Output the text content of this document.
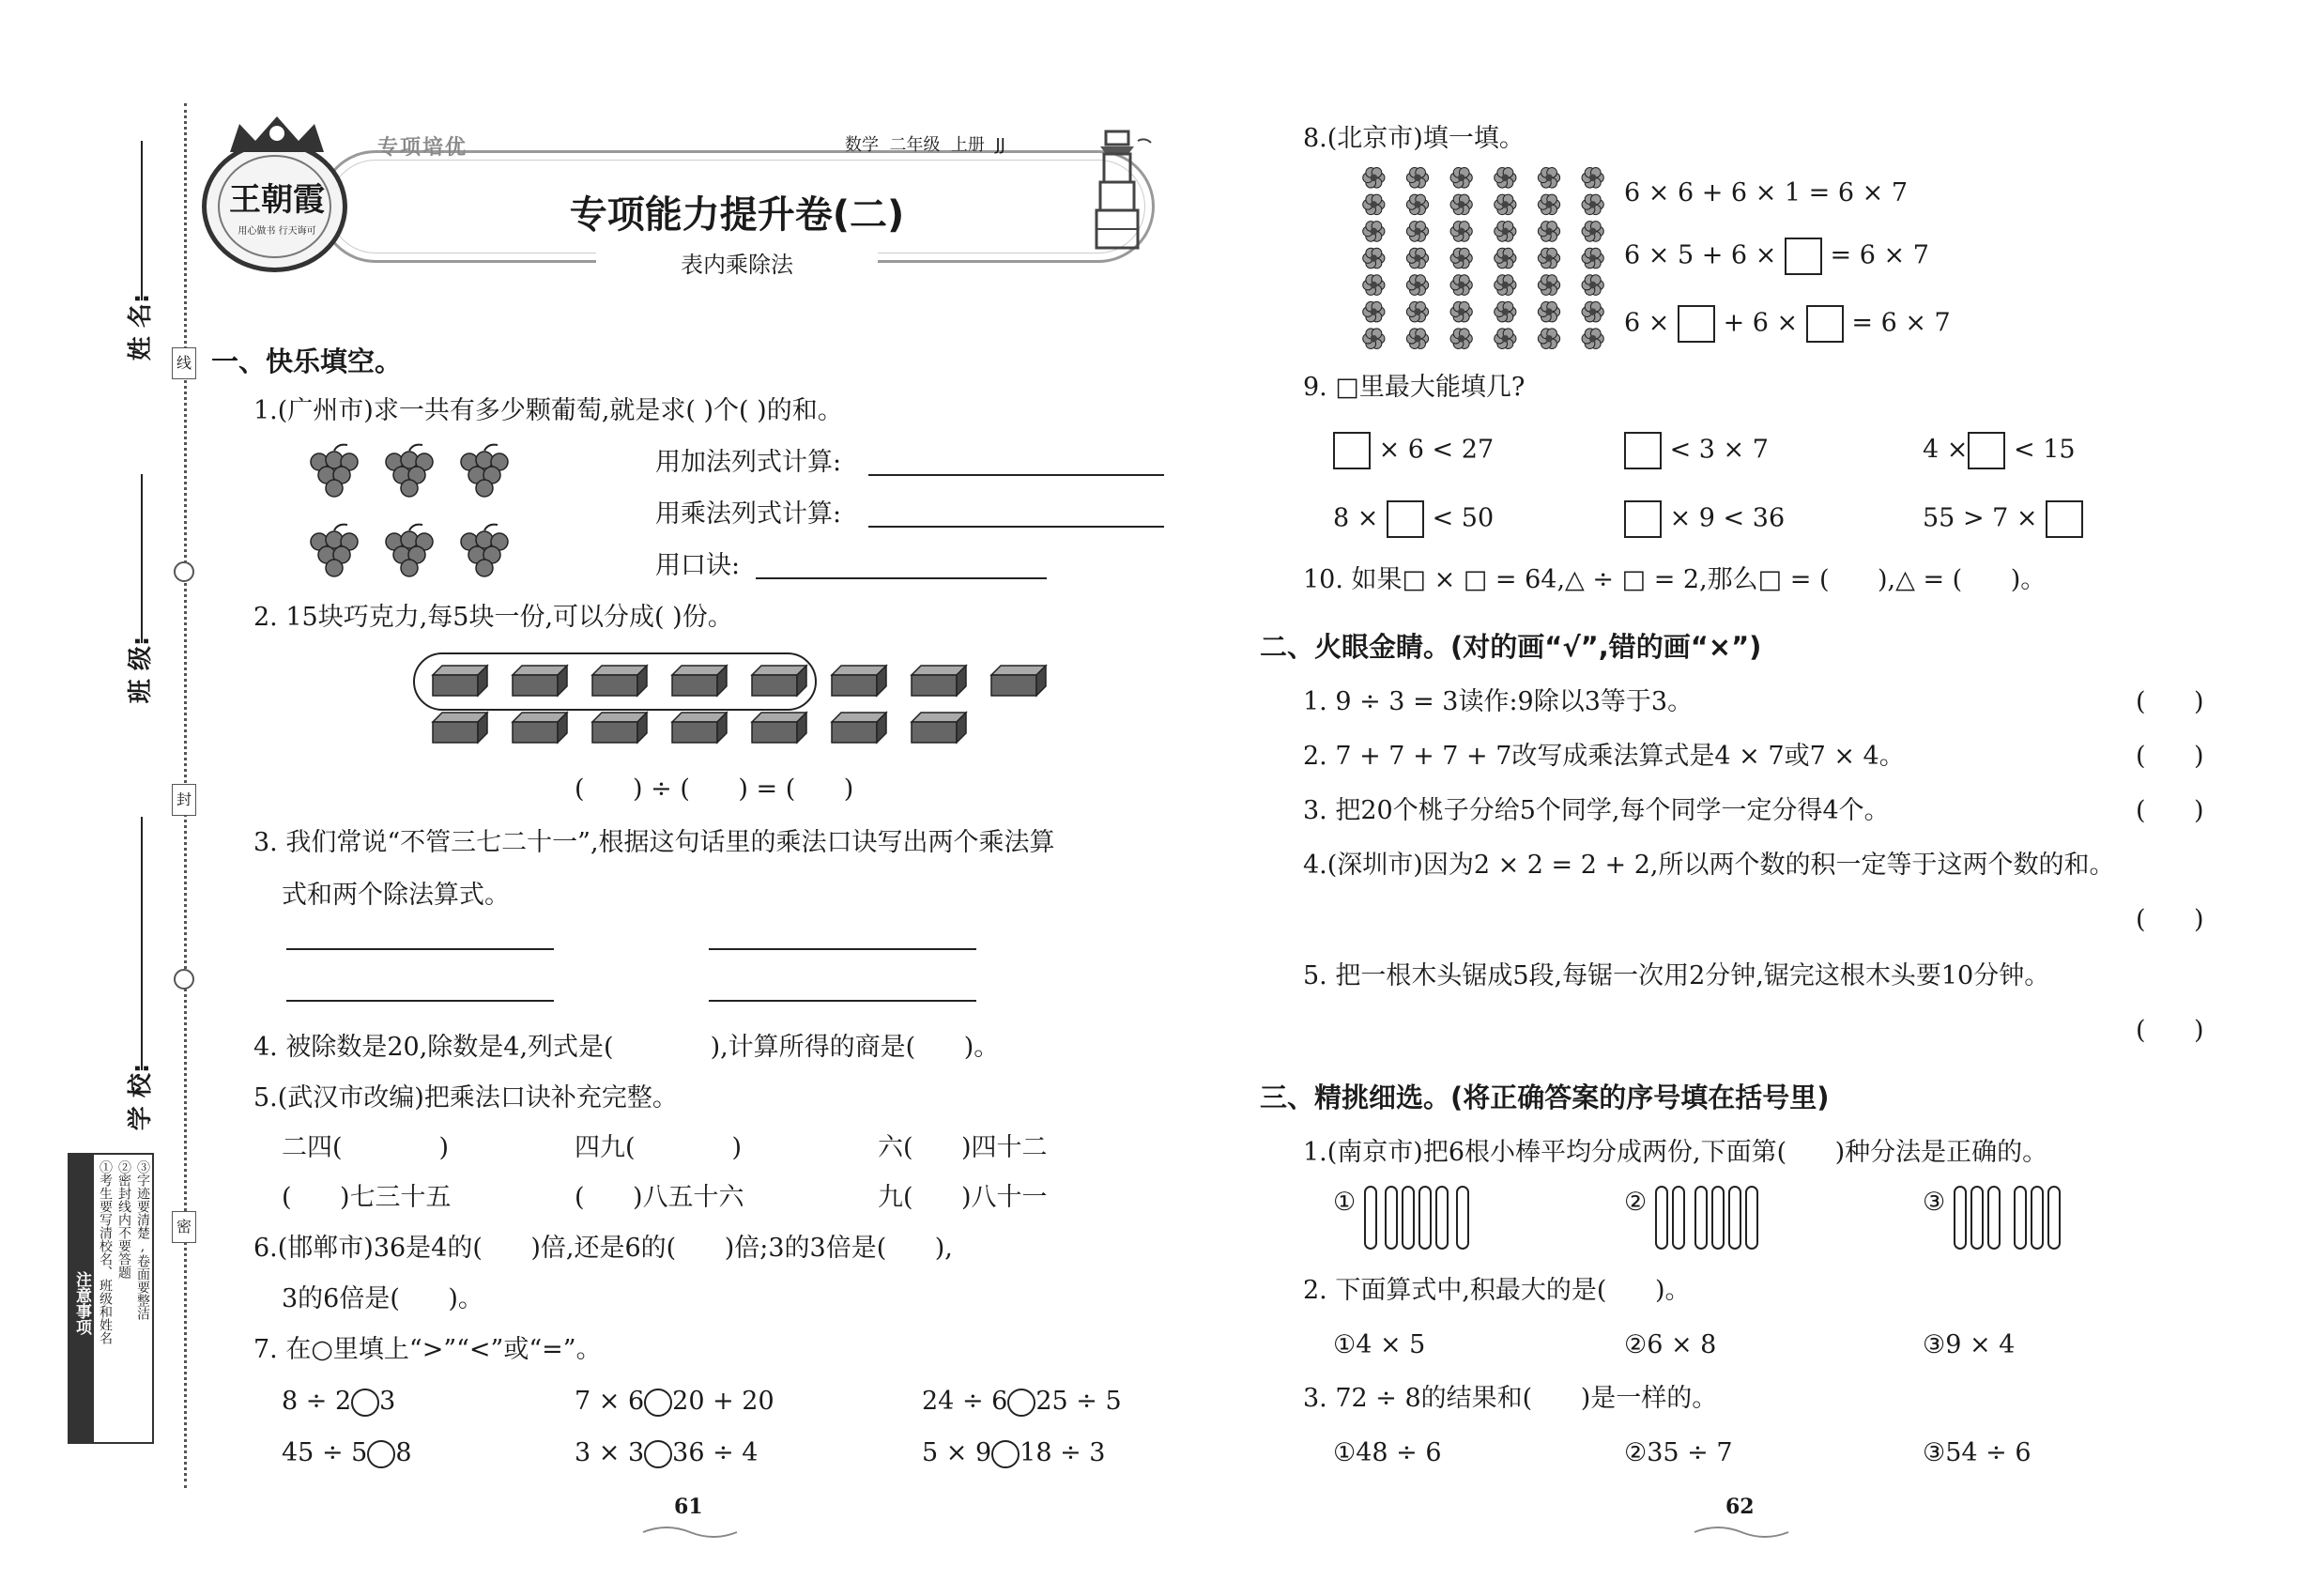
姓 名:
班 级:
学 校:
线
封
密
注意事项 ①考生要写清校名、班级和姓名 ②密封线内不要答题 ③字迹要清楚,卷面要整洁
王朝霞
用心做书 行天诲可
专项培优	数学  二年级  上册  JJ
专项能力提升卷(二)
表内乘除法
一、快乐填空。
1.(广州市)求一共有多少颗葡萄,就是求( )个( )的和。
用加法列式计算:
用乘法列式计算:
用口诀:
2. 15块巧克力,每5块一份,可以分成( )份。
(      ) ÷ (      ) = (      )
3. 我们常说“不管三七二十一”,根据这句话里的乘法口诀写出两个乘法算
式和两个除法算式。
4. 被除数是20,除数是4,列式是(            ),计算所得的商是(      )。
5.(武汉市改编)把乘法口诀补充完整。
二四(            )	四九(            )	六(      )四十二
(      )七三十五	(      )八五十六	九(      )八十一
6.(邯郸市)36是4的(      )倍,还是6的(      )倍;3的3倍是(      ),
3的6倍是(      )。
7. 在○里填上“>”“<”或“=”。
8 ÷ 2 3	7 × 6 20 + 20	24 ÷ 6 25 ÷ 5
45 ÷ 5 8	3 × 3 36 ÷ 4	5 × 9 18 ÷ 3
61
8.(北京市)填一填。
6 × 6 + 6 × 1 = 6 × 7
6 × 5 + 6 × = 6 × 7
6 × + 6 × = 6 × 7
9. □里最大能填几?
× 6 < 27	< 3 × 7	4 × < 15
8 × < 50	× 9 < 36	55 > 7 ×
10. 如果□ × □ = 64,△ ÷ □ = 2,那么□ = (      ),△ = (      )。
二、火眼金睛。(对的画“√”,错的画“×”)
1. 9 ÷ 3 = 3读作:9除以3等于3。	(      )
2. 7 + 7 + 7 + 7改写成乘法算式是4 × 7或7 × 4。	(      )
3. 把20个桃子分给5个同学,每个同学一定分得4个。	(      )
4.(深圳市)因为2 × 2 = 2 + 2,所以两个数的积一定等于这两个数的和。
(      )
5. 把一根木头锯成5段,每锯一次用2分钟,锯完这根木头要10分钟。
(      )
三、精挑细选。(将正确答案的序号填在括号里)
1.(南京市)把6根小棒平均分成两份,下面第(      )种分法是正确的。
①	②	③
2. 下面算式中,积最大的是(      )。
①4 × 5	②6 × 8	③9 × 4
3. 72 ÷ 8的结果和(      )是一样的。
①48 ÷ 6	②35 ÷ 7	③54 ÷ 6
62
